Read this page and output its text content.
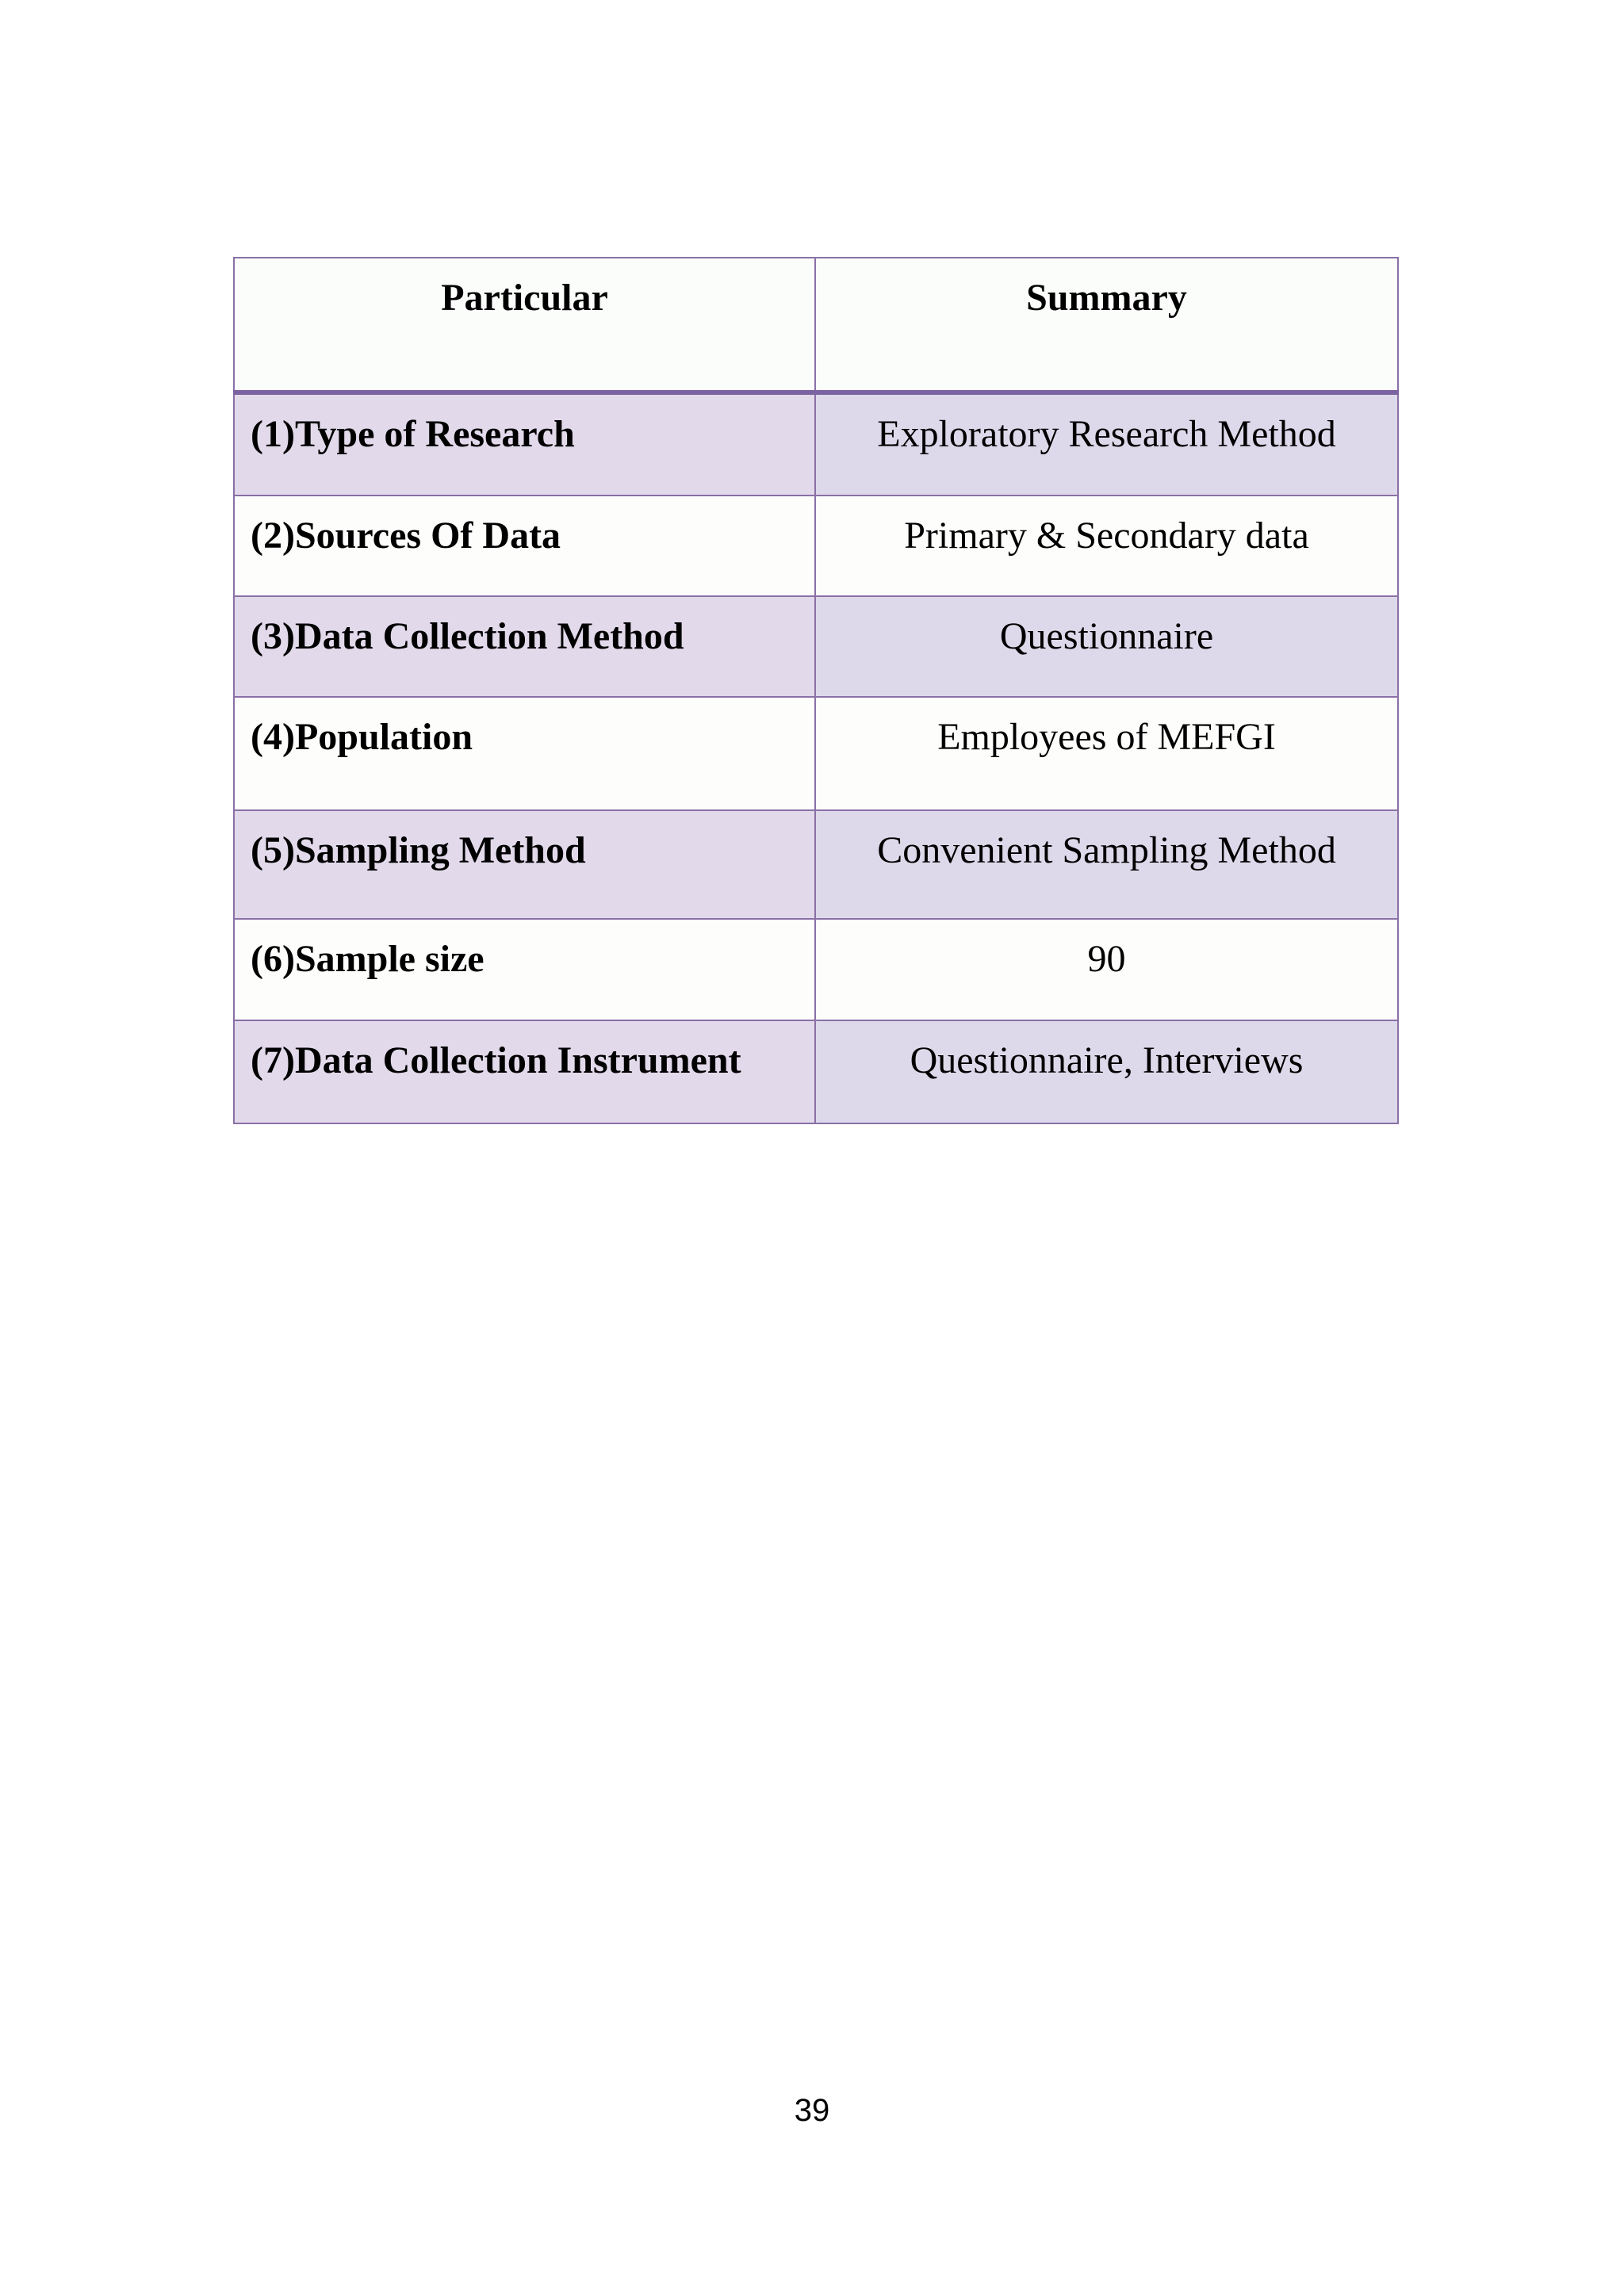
Particular	Summary
(1)Type of Research	Exploratory Research Method
(2)Sources Of Data	Primary & Secondary data
(3)Data Collection Method	Questionnaire
(4)Population	Employees of MEFGI
(5)Sampling Method	Convenient Sampling Method
(6)Sample size	90
(7)Data Collection Instrument	Questionnaire, Interviews
39
